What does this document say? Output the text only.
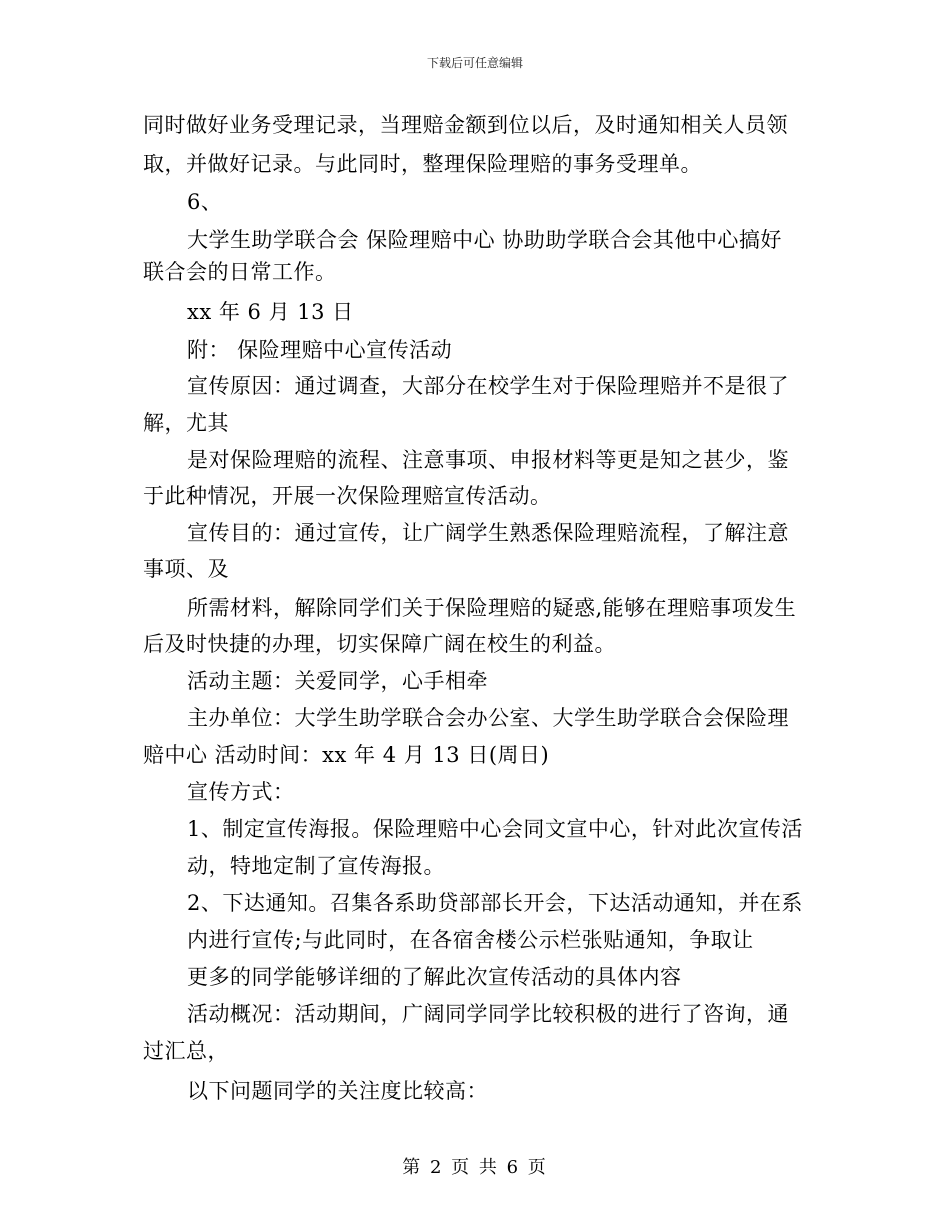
下载后可任意编辑
同时做好业务受理记录，当理赔金额到位以后，及时通知相关人员领
取，并做好记录。与此同时，整理保险理赔的事务受理单。
6、
大学生助学联合会 保险理赔中心 协助助学联合会其他中心搞好
联合会的日常工作。
xx 年 6 月 13 日
附： 保险理赔中心宣传活动
宣传原因：通过调查，大部分在校学生对于保险理赔并不是很了
解，尤其
是对保险理赔的流程、注意事项、申报材料等更是知之甚少，鉴
于此种情况，开展一次保险理赔宣传活动。
宣传目的：通过宣传，让广阔学生熟悉保险理赔流程，了解注意
事项、及
所需材料，解除同学们关于保险理赔的疑惑,能够在理赔事项发生
后及时快捷的办理，切实保障广阔在校生的利益。
活动主题：关爱同学，心手相牵
主办单位：大学生助学联合会办公室、大学生助学联合会保险理
赔中心 活动时间：xx 年 4 月 13 日(周日)
宣传方式：
1、制定宣传海报。保险理赔中心会同文宣中心，针对此次宣传活
动，特地定制了宣传海报。
2、下达通知。召集各系助贷部部长开会，下达活动通知，并在系
内进行宣传;与此同时，在各宿舍楼公示栏张贴通知，争取让
更多的同学能够详细的了解此次宣传活动的具体内容
活动概况：活动期间，广阔同学同学比较积极的进行了咨询，通
过汇总，
以下问题同学的关注度比较高：
第 2 页 共 6 页
